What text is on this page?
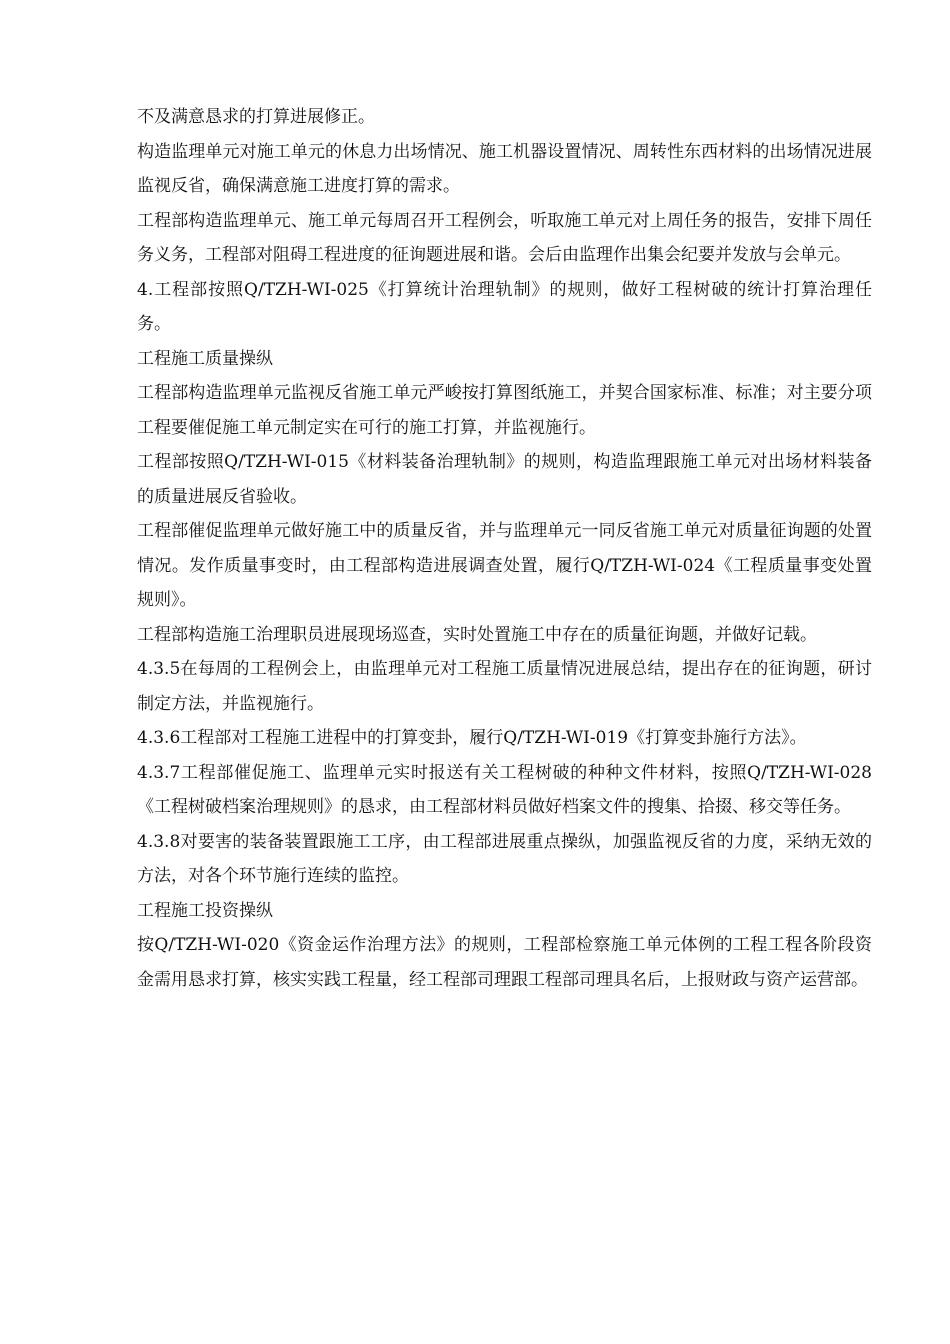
不及满意恳求的打算进展修正。

构造监理单元对施工单元的休息力出场情况、施工机器设置情况、周转性东西材料的出场情况进展监视反省，确保满意施工进度打算的需求。

工程部构造监理单元、施工单元每周召开工程例会，听取施工单元对上周任务的报告，安排下周任务义务，工程部对阻碍工程进度的征询题进展和谐。会后由监理作出集会纪要并发放与会单元。

4.工程部按照Q/TZH-WI-025《打算统计治理轨制》的规则，做好工程树破的统计打算治理任务。

工程施工质量操纵

工程部构造监理单元监视反省施工单元严峻按打算图纸施工，并契合国家标准、标准；对主要分项工程要催促施工单元制定实在可行的施工打算，并监视施行。

工程部按照Q/TZH-WI-015《材料装备治理轨制》的规则，构造监理跟施工单元对出场材料装备的质量进展反省验收。

工程部催促监理单元做好施工中的质量反省，并与监理单元一同反省施工单元对质量征询题的处置情况。发作质量事变时，由工程部构造进展调查处置，履行Q/TZH-WI-024《工程质量事变处置规则》。

工程部构造施工治理职员进展现场巡查，实时处置施工中存在的质量征询题，并做好记载。

4.3.5在每周的工程例会上，由监理单元对工程施工质量情况进展总结，提出存在的征询题，研讨制定方法，并监视施行。

4.3.6工程部对工程施工进程中的打算变卦，履行Q/TZH-WI-019《打算变卦施行方法》。

4.3.7工程部催促施工、监理单元实时报送有关工程树破的种种文件材料，按照Q/TZH-WI-028《工程树破档案治理规则》的恳求，由工程部材料员做好档案文件的搜集、拾掇、移交等任务。

4.3.8对要害的装备装置跟施工工序，由工程部进展重点操纵，加强监视反省的力度，采纳无效的方法，对各个环节施行连续的监控。

工程施工投资操纵

按Q/TZH-WI-020《资金运作治理方法》的规则，工程部检察施工单元体例的工程工程各阶段资金需用恳求打算，核实实践工程量，经工程部司理跟工程部司理具名后，上报财政与资产运营部。
